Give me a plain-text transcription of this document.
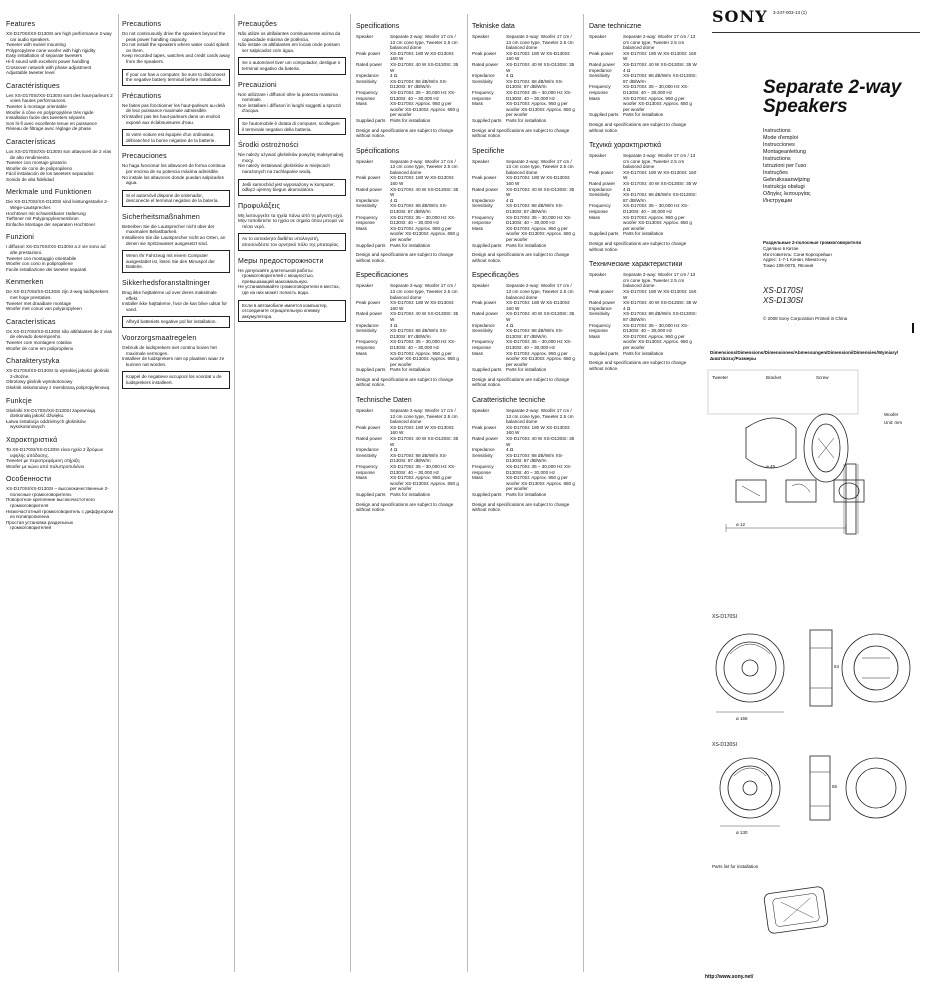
SONY 3-247-003-13 (1)
Features

XS-D170SI/XS-D130SI are high performance 2-way car audio speakers.

Tweeter with swivel mounting

Polypropylene cone woofer with high rigidity

Easy installation of separate tweeters

Hi-fi sound with excellent power handling

Crossover network with phase adjustment

Adjustable tweeter level

Caractéristiques

Les XS-D170SI/XS-D130SI sont des haut-parleurs 2 voies hautes performances.

Tweeter à montage orientable

Woofer à cône en polypropylène très rigide

Installation facile des tweeters séparés

Son hi-fi avec excellente tenue en puissance

Réseau de filtrage avec réglage de phase

Características

Los XS-D170SI/XS-D130SI son altavoces de 2 vías de alto rendimiento.

Tweeter con montaje giratorio

Woofer de cono de polipropileno

Fácil instalación de los tweeters separados

Sonido de alta fidelidad

Merkmale und Funktionen

Die XS-D170SI/XS-D130SI sind leistungsstarke 2-Wege-Lautsprecher.

Hochtöner mit schwenkbarer Halterung

Tieftöner mit Polypropylenmembran

Einfache Montage der separaten Hochtöner

Funzioni

I diffusori XS-D170SI/XS-D130SI a 2 vie sono ad alte prestazioni.

Tweeter con montaggio orientabile

Woofer con cono in polipropilene

Facile installazione dei tweeter separati

Kenmerken

De XS-D170SI/XS-D130SI zijn 2-weg luidsprekers met hoge prestaties.

Tweeter met draaibare montage

Woofer met conus van polypropyleen

Características

Os XS-D170SI/XS-D130SI são altifalantes de 2 vias de elevado desempenho.

Tweeter com montagem rotativa

Woofer de cone em polipropileno

Charakterystyka

XS-D170SI/XS-D130SI to wysokiej jakości głośniki 2-drożne.

Obrotowy głośnik wysokotonowy

Głośnik niskotonowy z membraną polipropylenową

Funkcje

Głośniki XS-D170SI/XS-D130SI zapewniają doskonałą jakość dźwięku.

Łatwa instalacja oddzielnych głośników wysokotonowych

Χαρακτηριστικά

Τα XS-D170SI/XS-D130SI είναι ηχεία 2 δρόμων υψηλής απόδοσης.

Tweeter με περιστρεφόμενη στήριξη

Woofer με κώνο από πολυπροπυλένιο

Особенности

XS-D170SI/XS-D130SI – высококачественные 2-полосные громкоговорители.

Поворотное крепление высокочастотного громкоговорителя

Низкочастотный громкоговоритель с диффузором из полипропилена

Простая установка раздельных громкоговорителей

Precautions

Do not continuously drive the speakers beyond the peak power handling capacity.

Do not install the speakers where water could splash on them.

Keep recorded tapes, watches and credit cards away from the speakers.

If your car has a computer, be sure to disconnect the negative battery terminal before installation.
Précautions

Ne faites pas fonctionner les haut-parleurs au-delà de leur puissance maximale admissible.

N'installez pas les haut-parleurs dans un endroit exposé aux éclaboussures d'eau.

Si votre voiture est équipée d'un ordinateur, débranchez la borne négative de la batterie.
Precauciones

No haga funcionar los altavoces de forma continua por encima de su potencia máxima admisible.

No instale los altavoces donde puedan salpicarles agua.

Si el automóvil dispone de ordenador, desconecte el terminal negativo de la batería.
Sicherheitsmaßnahmen

Betreiben Sie die Lautsprecher nicht über der maximalen Belastbarkeit.

Installieren Sie die Lautsprecher nicht an Orten, an denen sie Spritzwasser ausgesetzt sind.

Wenn Ihr Fahrzeug mit einem Computer ausgestattet ist, lösen Sie den Minuspol der Batterie.
Sikkerhedsforanstaltninger

Brug ikke højttalerne ud over deres maksimale effekt.

Installer ikke højttalerne, hvor de kan blive udsat for vand.

Afbryd batteriets negative pol før installation.
Voorzorgsmaatregelen

Gebruik de luidsprekers niet continu boven het maximale vermogen.

Installeer de luidsprekers niet op plaatsen waar ze kunnen nat worden.

Koppel de negatieve accupool los voordat u de luidsprekers installeert.
Precauções

Não utilize os altifalantes continuamente acima da capacidade máxima de potência.

Não instale os altifalantes em locais onde possam ser salpicados com água.

Se o automóvel tiver um computador, desligue o terminal negativo da bateria.
Precauzioni

Non utilizzare i diffusori oltre la potenza massima nominale.

Non installare i diffusori in luoghi soggetti a spruzzi d'acqua.

Se l'automobile è dotata di computer, scollegare il terminale negativo della batteria.
Środki ostrożności

Nie należy używać głośników powyżej maksymalnej mocy.

Nie należy instalować głośników w miejscach narażonych na zachlapanie wodą.

Jeśli samochód jest wyposażony w komputer, odłącz ujemny biegun akumulatora.
Προφυλάξεις

Μη λειτουργείτε τα ηχεία πάνω από τη μέγιστη ισχύ.

Μην τοποθετείτε τα ηχεία σε σημεία όπου μπορεί να πέσει νερό.

Αν το αυτοκίνητο διαθέτει υπολογιστή, αποσυνδέστε τον αρνητικό πόλο της μπαταρίας.
Меры предосторожности

Не допускайте длительной работы громкоговорителей с мощностью, превышающей максимальную.

Не устанавливайте громкоговорители в местах, где на них может попасть вода.

Если в автомобиле имеется компьютер, отсоедините отрицательную клемму аккумулятора.
Specifications
Speaker	Separate 2-way: Woofer 17 cm / 13 cm cone type, Tweeter 2.5 cm balanced dome
Peak power	XS-D170SI: 180 W XS-D130SI: 160 W
Rated power	XS-D170SI: 40 W XS-D130SI: 35 W
Impedance	4 Ω
Sensitivity	XS-D170SI: 88 dB/W/m XS-D130SI: 87 dB/W/m
Frequency response
XS-D170SI: 35 – 30,000 Hz XS-D130SI: 40 – 30,000 Hz
Mass	XS-D170SI: Approx. 950 g per woofer XS-D130SI: Approx. 650 g per woofer
Supplied parts	Parts for installation

Design and specifications are subject to change without notice.

Spécifications
Speaker	Separate 2-way: Woofer 17 cm / 13 cm cone type, Tweeter 2.5 cm balanced dome
Peak power	XS-D170SI: 180 W XS-D130SI: 160 W
Rated power	XS-D170SI: 40 W XS-D130SI: 35 W
Impedance	4 Ω
Sensitivity	XS-D170SI: 88 dB/W/m XS-D130SI: 87 dB/W/m
Frequency response
XS-D170SI: 35 – 30,000 Hz XS-D130SI: 40 – 30,000 Hz
Mass	XS-D170SI: Approx. 950 g per woofer XS-D130SI: Approx. 650 g per woofer
Supplied parts	Parts for installation

Design and specifications are subject to change without notice.

Especificaciones
Speaker	Separate 2-way: Woofer 17 cm / 13 cm cone type, Tweeter 2.5 cm balanced dome
Peak power	XS-D170SI: 180 W XS-D130SI: 160 W
Rated power	XS-D170SI: 40 W XS-D130SI: 35 W
Impedance	4 Ω
Sensitivity	XS-D170SI: 88 dB/W/m XS-D130SI: 87 dB/W/m
Frequency response
XS-D170SI: 35 – 30,000 Hz XS-D130SI: 40 – 30,000 Hz
Mass	XS-D170SI: Approx. 950 g per woofer XS-D130SI: Approx. 650 g per woofer
Supplied parts	Parts for installation

Design and specifications are subject to change without notice.

Technische Daten
Speaker	Separate 2-way: Woofer 17 cm / 13 cm cone type, Tweeter 2.5 cm balanced dome
Peak power	XS-D170SI: 180 W XS-D130SI: 160 W
Rated power	XS-D170SI: 40 W XS-D130SI: 35 W
Impedance	4 Ω
Sensitivity	XS-D170SI: 88 dB/W/m XS-D130SI: 87 dB/W/m
Frequency response
XS-D170SI: 35 – 30,000 Hz XS-D130SI: 40 – 30,000 Hz
Mass	XS-D170SI: Approx. 950 g per woofer XS-D130SI: Approx. 650 g per woofer
Supplied parts	Parts for installation

Design and specifications are subject to change without notice.

Tekniske data
Speaker	Separate 2-way: Woofer 17 cm / 13 cm cone type, Tweeter 2.5 cm balanced dome
Peak power	XS-D170SI: 180 W XS-D130SI: 160 W
Rated power	XS-D170SI: 40 W XS-D130SI: 35 W
Impedance	4 Ω
Sensitivity	XS-D170SI: 88 dB/W/m XS-D130SI: 87 dB/W/m
Frequency response
XS-D170SI: 35 – 30,000 Hz XS-D130SI: 40 – 30,000 Hz
Mass	XS-D170SI: Approx. 950 g per woofer XS-D130SI: Approx. 650 g per woofer
Supplied parts	Parts for installation

Design and specifications are subject to change without notice.

Specifiche
Speaker	Separate 2-way: Woofer 17 cm / 13 cm cone type, Tweeter 2.5 cm balanced dome
Peak power	XS-D170SI: 180 W XS-D130SI: 160 W
Rated power	XS-D170SI: 40 W XS-D130SI: 35 W
Impedance	4 Ω
Sensitivity	XS-D170SI: 88 dB/W/m XS-D130SI: 87 dB/W/m
Frequency response
XS-D170SI: 35 – 30,000 Hz XS-D130SI: 40 – 30,000 Hz
Mass	XS-D170SI: Approx. 950 g per woofer XS-D130SI: Approx. 650 g per woofer
Supplied parts	Parts for installation

Design and specifications are subject to change without notice.

Especificações
Speaker	Separate 2-way: Woofer 17 cm / 13 cm cone type, Tweeter 2.5 cm balanced dome
Peak power	XS-D170SI: 180 W XS-D130SI: 160 W
Rated power	XS-D170SI: 40 W XS-D130SI: 35 W
Impedance	4 Ω
Sensitivity	XS-D170SI: 88 dB/W/m XS-D130SI: 87 dB/W/m
Frequency response
XS-D170SI: 35 – 30,000 Hz XS-D130SI: 40 – 30,000 Hz
Mass	XS-D170SI: Approx. 950 g per woofer XS-D130SI: Approx. 650 g per woofer
Supplied parts	Parts for installation

Design and specifications are subject to change without notice.

Caratteristiche tecniche
Speaker	Separate 2-way: Woofer 17 cm / 13 cm cone type, Tweeter 2.5 cm balanced dome
Peak power	XS-D170SI: 180 W XS-D130SI: 160 W
Rated power	XS-D170SI: 40 W XS-D130SI: 35 W
Impedance	4 Ω
Sensitivity	XS-D170SI: 88 dB/W/m XS-D130SI: 87 dB/W/m
Frequency response
XS-D170SI: 35 – 30,000 Hz XS-D130SI: 40 – 30,000 Hz
Mass	XS-D170SI: Approx. 950 g per woofer XS-D130SI: Approx. 650 g per woofer
Supplied parts	Parts for installation

Design and specifications are subject to change without notice.

Dane techniczne
Speaker	Separate 2-way: Woofer 17 cm / 13 cm cone type, Tweeter 2.5 cm balanced dome
Peak power	XS-D170SI: 180 W XS-D130SI: 160 W
Rated power	XS-D170SI: 40 W XS-D130SI: 35 W
Impedance	4 Ω
Sensitivity	XS-D170SI: 88 dB/W/m XS-D130SI: 87 dB/W/m
Frequency response
XS-D170SI: 35 – 30,000 Hz XS-D130SI: 40 – 30,000 Hz
Mass	XS-D170SI: Approx. 950 g per woofer XS-D130SI: Approx. 650 g per woofer
Supplied parts	Parts for installation

Design and specifications are subject to change without notice.

Τεχνικά χαρακτηριστικά
Speaker	Separate 2-way: Woofer 17 cm / 13 cm cone type, Tweeter 2.5 cm balanced dome
Peak power	XS-D170SI: 180 W XS-D130SI: 160 W
Rated power	XS-D170SI: 40 W XS-D130SI: 35 W
Impedance	4 Ω
Sensitivity	XS-D170SI: 88 dB/W/m XS-D130SI: 87 dB/W/m
Frequency response
XS-D170SI: 35 – 30,000 Hz XS-D130SI: 40 – 30,000 Hz
Mass	XS-D170SI: Approx. 950 g per woofer XS-D130SI: Approx. 650 g per woofer
Supplied parts	Parts for installation

Design and specifications are subject to change without notice.

Технические характеристики
Speaker	Separate 2-way: Woofer 17 cm / 13 cm cone type, Tweeter 2.5 cm balanced dome
Peak power	XS-D170SI: 180 W XS-D130SI: 160 W
Rated power	XS-D170SI: 40 W XS-D130SI: 35 W
Impedance	4 Ω
Sensitivity	XS-D170SI: 88 dB/W/m XS-D130SI: 87 dB/W/m
Frequency response
XS-D170SI: 35 – 30,000 Hz XS-D130SI: 40 – 30,000 Hz
Mass	XS-D170SI: Approx. 950 g per woofer XS-D130SI: Approx. 650 g per woofer
Supplied parts	Parts for installation

Design and specifications are subject to change without notice.

Separate 2-way
Speakers
Instructions
Mode d'emploi
Instrucciones
Montageanleitung
Instructions
Istruzioni per l'uso
Instruções
Gebruiksaanwijzing
Instrukcja obsługi
Οδηγίες λειτουργίας
Инструкции
Раздельные 2-полосные громкоговорители
Сделано в Китае
Изготовитель: Сони Корпорейшн
Адрес: 1-7-1 Конан, Минато-ку,
Токио 108-0075, Япония
XS-D170SI
XS-D130SI
© 2008 Sony Corporation Printed in China
Dimensions/Dimensions/Dimensiones/Abmessungen/Dimensioni/Dimensies/Wymiary/Διαστάσεις/Размеры
Tweeter	Bracket	Screw
Woofer
Unit: mm
ø 49
ø 12
XS-D170SI
ø 166
63
XS-D130SI
ø 130
56
Parts list for installation
http://www.sony.net/
